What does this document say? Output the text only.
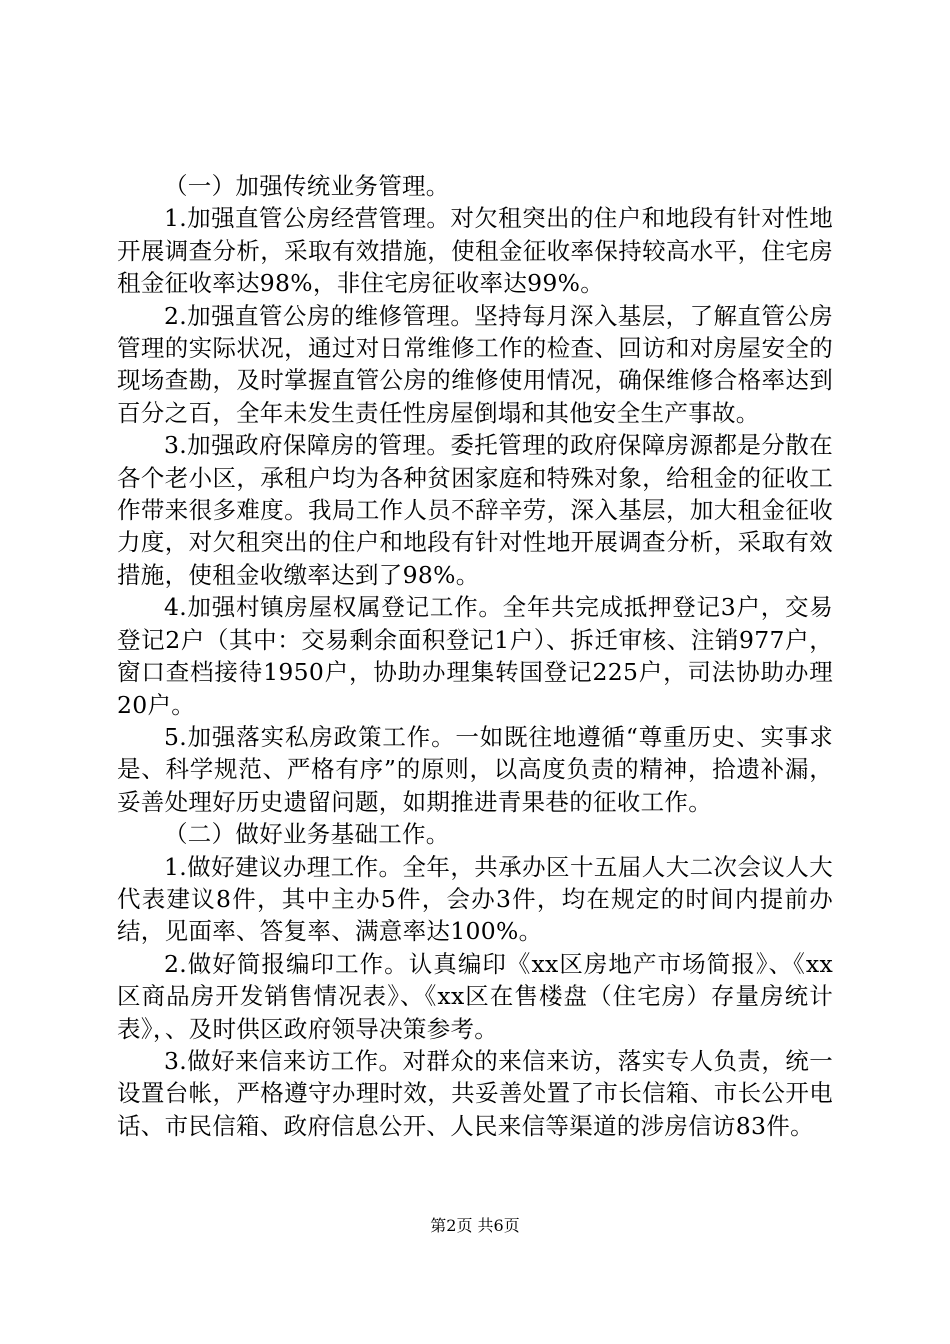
（一）加强传统业务管理。

1.加强直管公房经营管理。对欠租突出的住户和地段有针对性地开展调查分析，采取有效措施，使租金征收率保持较高水平，住宅房租金征收率达98%，非住宅房征收率达99%。

2.加强直管公房的维修管理。坚持每月深入基层，了解直管公房管理的实际状况，通过对日常维修工作的检查、回访和对房屋安全的现场查勘，及时掌握直管公房的维修使用情况，确保维修合格率达到百分之百，全年未发生责任性房屋倒塌和其他安全生产事故。

3.加强政府保障房的管理。委托管理的政府保障房源都是分散在各个老小区，承租户均为各种贫困家庭和特殊对象，给租金的征收工作带来很多难度。我局工作人员不辞辛劳，深入基层，加大租金征收力度，对欠租突出的住户和地段有针对性地开展调查分析，采取有效措施，使租金收缴率达到了98%。

4.加强村镇房屋权属登记工作。全年共完成抵押登记3户，交易登记2户（其中：交易剩余面积登记1户）、拆迁审核、注销977户，窗口查档接待1950户，协助办理集转国登记225户，司法协助办理20户。

5.加强落实私房政策工作。一如既往地遵循“尊重历史、实事求是、科学规范、严格有序”的原则，以高度负责的精神，拾遗补漏，妥善处理好历史遗留问题，如期推进青果巷的征收工作。

（二）做好业务基础工作。

1.做好建议办理工作。全年，共承办区十五届人大二次会议人大代表建议8件，其中主办5件，会办3件，均在规定的时间内提前办结，见面率、答复率、满意率达100%。

2.做好简报编印工作。认真编印《xx区房地产市场简报》、《xx区商品房开发销售情况表》、《xx区在售楼盘（住宅房）存量房统计表》，、及时供区政府领导决策参考。

3.做好来信来访工作。对群众的来信来访，落实专人负责，统一设置台帐，严格遵守办理时效，共妥善处置了市长信箱、市长公开电话、市民信箱、政府信息公开、人民来信等渠道的涉房信访83件。

第2页 共6页
